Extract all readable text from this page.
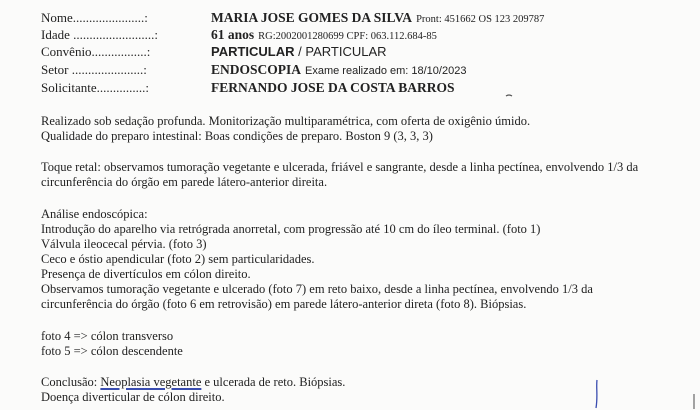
Nome......................:	MARIA JOSE GOMES DA SILVA Pront: 451662 OS 123 209787
Idade .........................:	61 anos RG:2002001280699 CPF: 063.112.684-85
Convênio.................:	PARTICULAR / PARTICULAR
Setor ......................:	ENDOSCOPIA Exame realizado em: 18/10/2023
Solicitante...............:	FERNANDO JOSE DA COSTA BARROS
Realizado sob sedação profunda. Monitorização multiparamétrica, com oferta de oxigênio úmido.
Qualidade do preparo intestinal: Boas condições de preparo. Boston 9 (3, 3, 3)
Toque retal: observamos tumoração vegetante e ulcerada, friável e sangrante, desde a linha pectínea, envolvendo 1/3 da
circunferência do órgão em parede látero-anterior direita.
Análise endoscópica:
Introdução do aparelho via retrógrada anorretal, com progressão até 10 cm do íleo terminal. (foto 1)
Válvula ileocecal pérvia. (foto 3)
Ceco e óstio apendicular (foto 2) sem particularidades.
Presença de divertículos em cólon direito.
Observamos tumoração vegetante e ulcerado (foto 7) em reto baixo, desde a linha pectínea, envolvendo 1/3 da
circunferência do órgão (foto 6 em retrovisão) em parede látero-anterior direta (foto 8). Biópsias.
foto 4 => cólon transverso
foto 5 => cólon descendente
Conclusão: Neoplasia vegetante e ulcerada de reto. Biópsias.
Doença diverticular de cólon direito.
